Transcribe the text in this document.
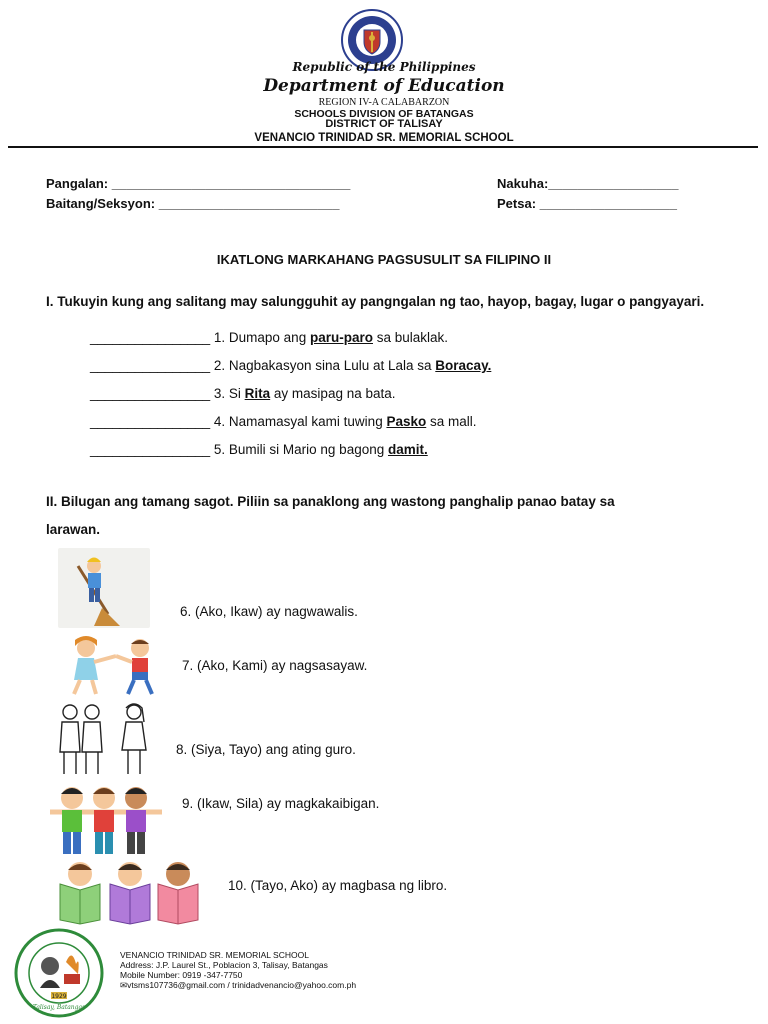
Republic of the Philippines
Department of Education
REGION IV-A CALABARZON
SCHOOLS DIVISION OF BATANGAS
DISTRICT OF TALISAY
VENANCIO TRINIDAD SR. MEMORIAL SCHOOL
Pangalan: _________________________________
Baitang/Seksyon: _________________________
Nakuha:__________________
Petsa: ___________________
IKATLONG MARKAHANG PAGSUSULIT SA FILIPINO II
I. Tukuyin kung ang salitang may salungguhit ay pangngalan ng tao, hayop, bagay, lugar o pangyayari.
________________ 1. Dumapo ang paru-paro sa bulaklak.
________________ 2. Nagbakasyon sina Lulu at Lala sa Boracay.
________________ 3. Si Rita ay masipag na bata.
________________ 4. Namamasyal kami tuwing Pasko sa mall.
________________ 5. Bumili si Mario ng bagong damit.
II. Bilugan ang tamang sagot. Piliin sa panaklong ang wastong panghalip panao batay sa
larawan.
6. (Ako, Ikaw) ay nagwawalis.
7. (Ako, Kami) ay nagsasayaw.
8. (Siya, Tayo) ang ating guro.
9. (Ikaw, Sila) ay magkakaibigan.
10. (Tayo, Ako) ay magbasa ng libro.
1929
Talisay, Batangas
VENANCIO TRINIDAD SR. MEMORIAL SCHOOL
Address: J.P. Laurel St., Poblacion 3, Talisay, Batangas
Mobile Number: 0919 -347-7750
✉vtsms107736@gmail.com / trinidadvenancio@yahoo.com.ph
